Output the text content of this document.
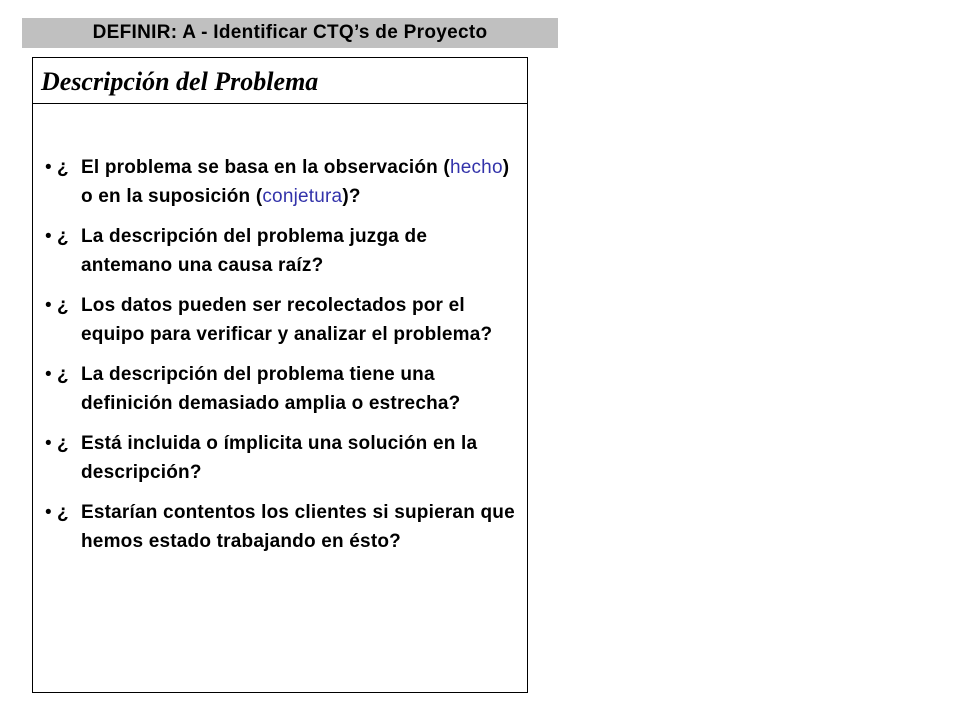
DEFINIR: A - Identificar CTQ’s de Proyecto
Descripción del Problema
• ¿ El problema se basa en la observación (hecho) o en la suposición (conjetura)?
• ¿ La descripción del problema juzga de antemano una causa raíz?
• ¿ Los datos pueden ser recolectados por el equipo para verificar y analizar el problema?
• ¿ La descripción del problema tiene una definición demasiado amplia o estrecha?
• ¿ Está incluida o ímplicita una solución en la descripción?
• ¿ Estarían contentos los clientes si supieran que hemos estado trabajando en ésto?
